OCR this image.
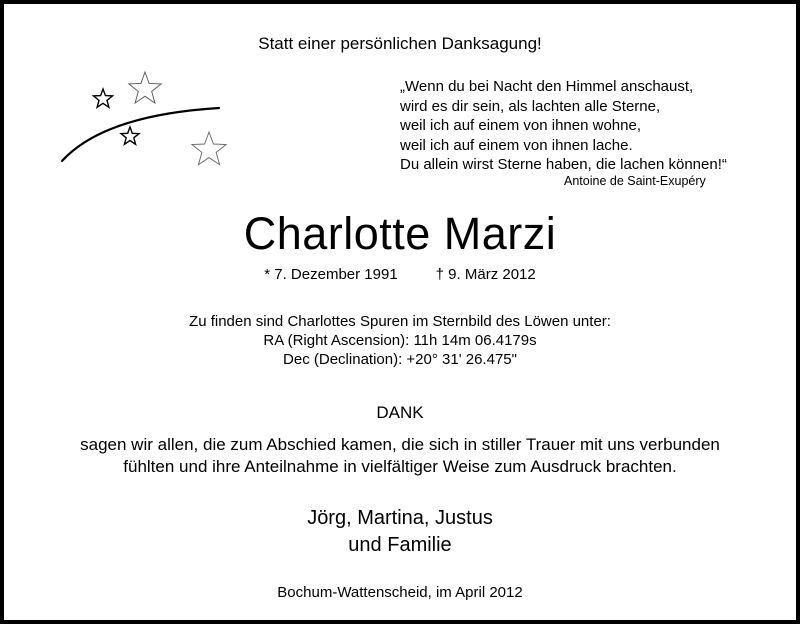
Statt einer persönlichen Danksagung!
„Wenn du bei Nacht den Himmel anschaust,
wird es dir sein, als lachten alle Sterne,
weil ich auf einem von ihnen wohne,
weil ich auf einem von ihnen lache.
Du allein wirst Sterne haben, die lachen können!“
Antoine de Saint-Exupéry
Charlotte Marzi
* 7. Dezember 1991	† 9. März 2012
Zu finden sind Charlottes Spuren im Sternbild des Löwen unter:
RA (Right Ascension): 11h 14m 06.4179s
Dec (Declination): +20° 31' 26.475"
DANK
sagen wir allen, die zum Abschied kamen, die sich in stiller Trauer mit uns verbunden
fühlten und ihre Anteilnahme in vielfältiger Weise zum Ausdruck brachten.
Jörg, Martina, Justus
und Familie
Bochum-Wattenscheid, im April 2012
